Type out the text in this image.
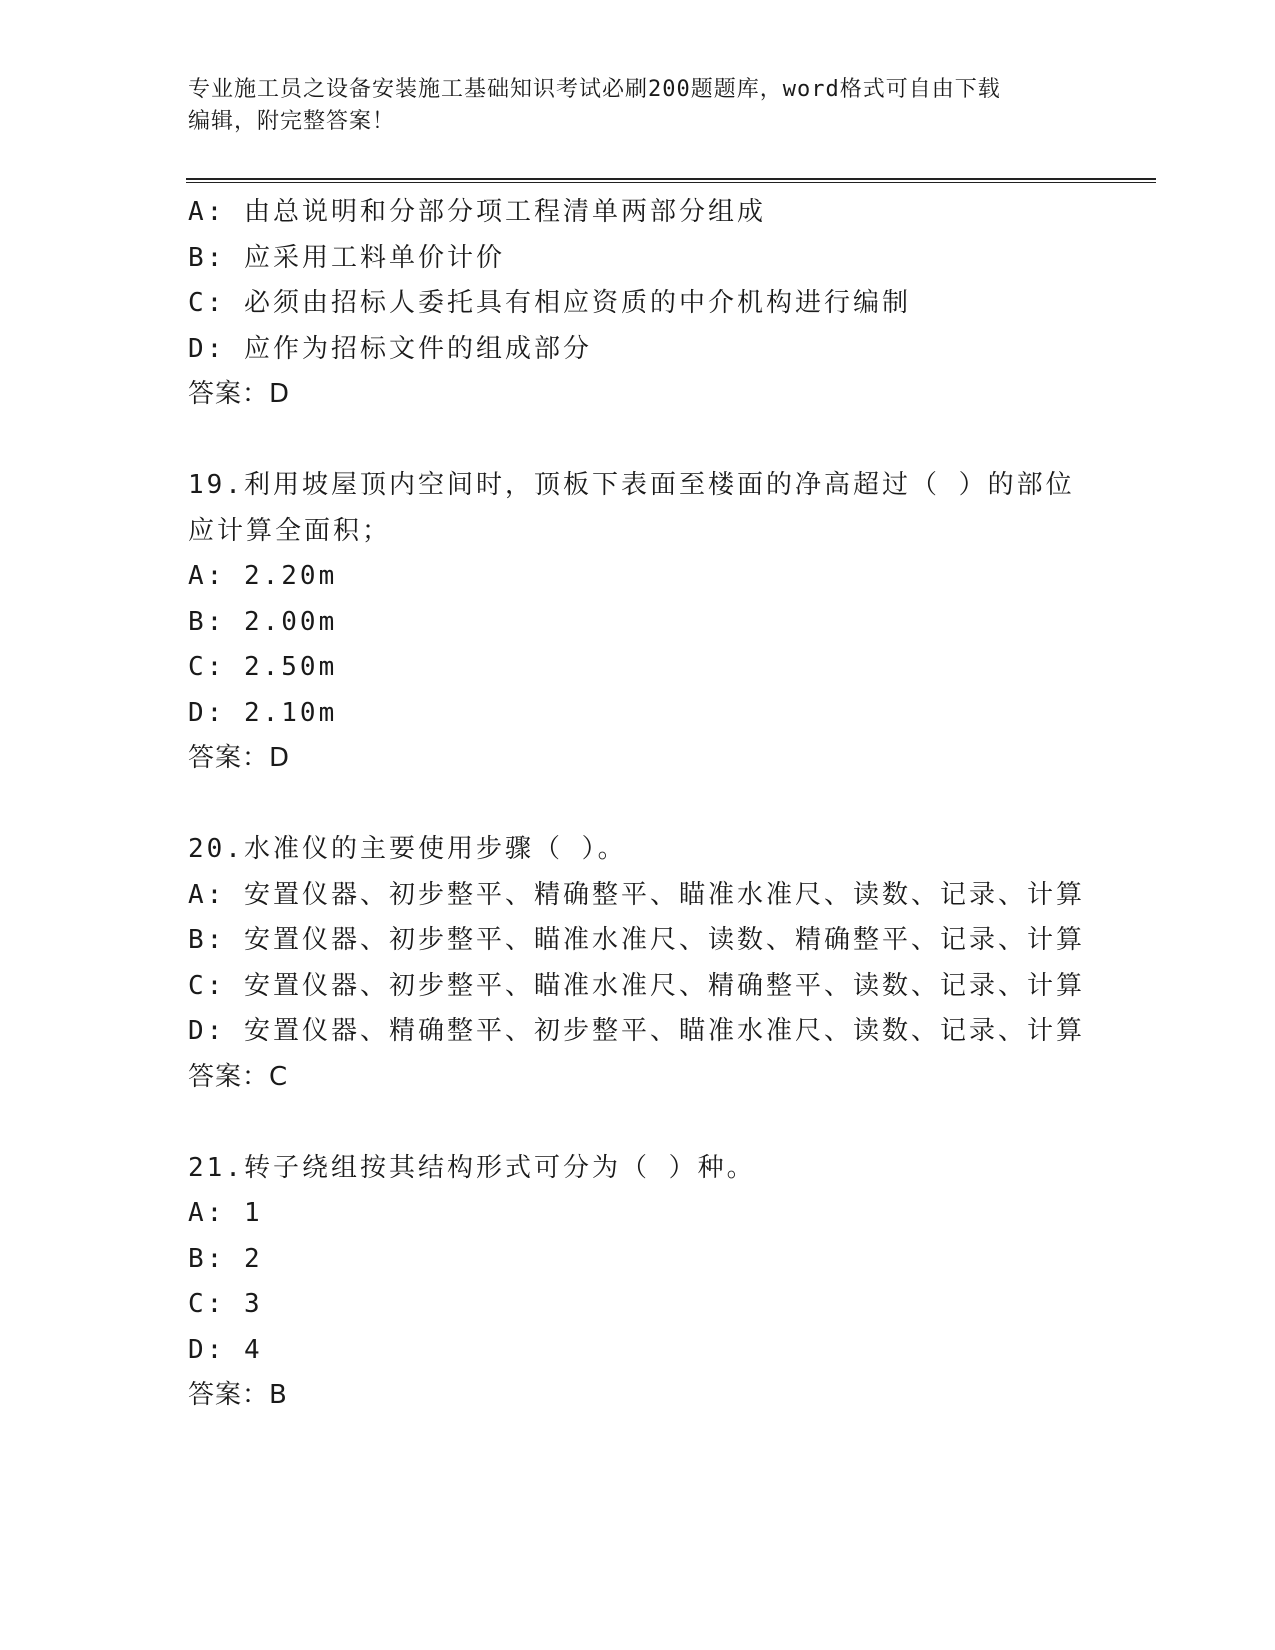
专业施工员之设备安装施工基础知识考试必刷200题题库，word格式可自由下载
编辑，附完整答案！
A: 由总说明和分部分项工程清单两部分组成
B: 应采用工料单价计价
C: 必须由招标人委托具有相应资质的中介机构进行编制
D: 应作为招标文件的组成部分
答案：D
19.利用坡屋顶内空间时，顶板下表面至楼面的净高超过（ ）的部位
应计算全面积；
A: 2.20m
B: 2.00m
C: 2.50m
D: 2.10m
答案：D
20.水准仪的主要使用步骤（ ）。
A: 安置仪器、初步整平、精确整平、瞄准水准尺、读数、记录、计算
B: 安置仪器、初步整平、瞄准水准尺、读数、精确整平、记录、计算
C: 安置仪器、初步整平、瞄准水准尺、精确整平、读数、记录、计算
D: 安置仪器、精确整平、初步整平、瞄准水准尺、读数、记录、计算
答案：C
21.转子绕组按其结构形式可分为（ ）种。
A: 1
B: 2
C: 3
D: 4
答案：B
